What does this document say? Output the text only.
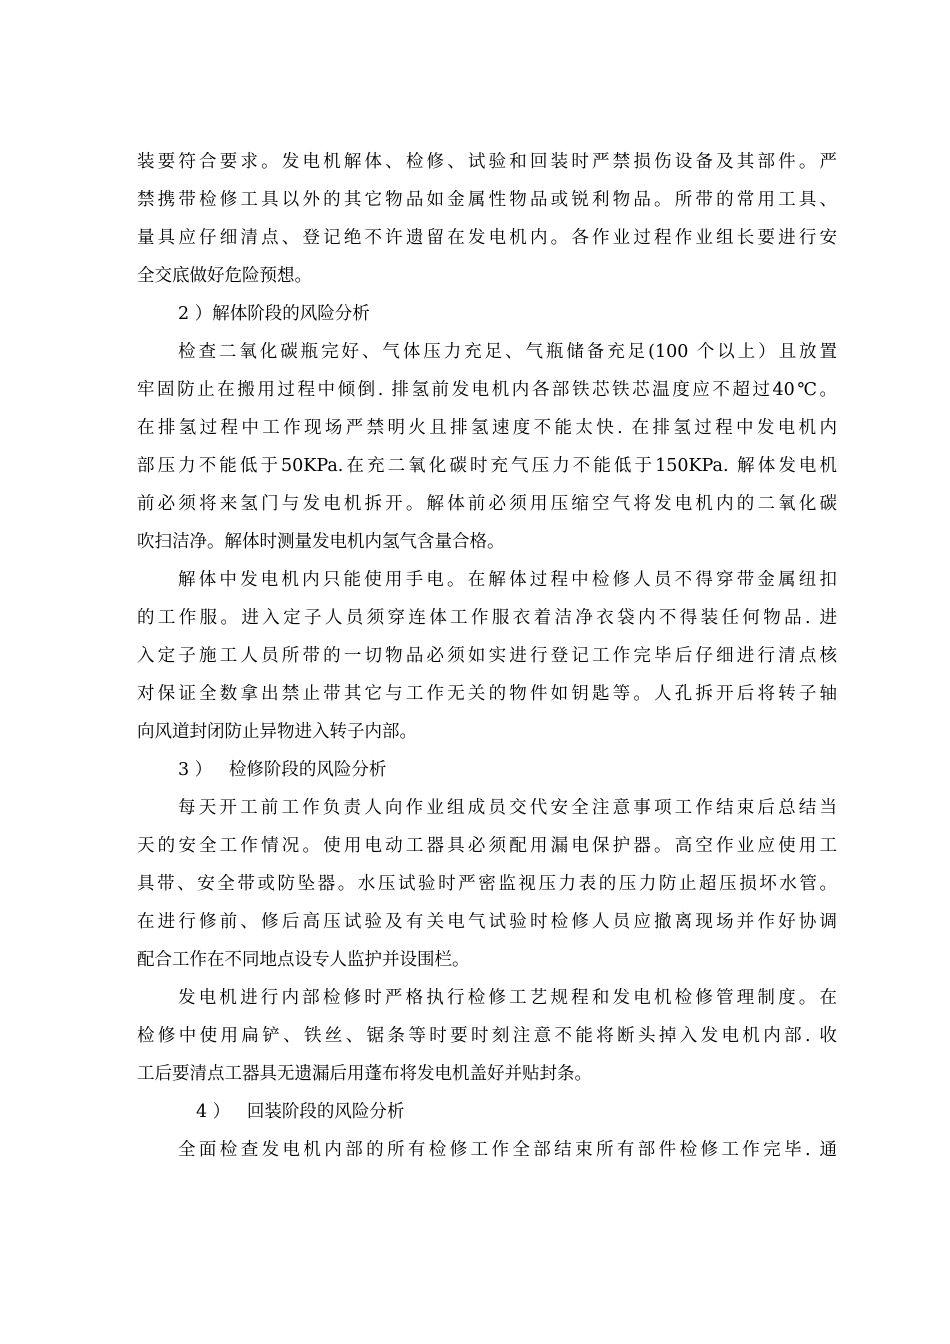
装要符合要求。发电机解体、检修、试验和回装时严禁损伤设备及其部件。严
禁携带检修工具以外的其它物品如金属性物品或锐利物品。所带的常用工具、
量具应仔细清点、登记绝不许遗留在发电机内。各作业过程作业组长要进行安
全交底做好危险预想。
2 ）解体阶段的风险分析
检查二氧化碳瓶完好、气体压力充足、气瓶储备充足(100 个以上）且放置
牢固防止在搬用过程中倾倒. 排氢前发电机内各部铁芯铁芯温度应不超过40℃。
在排氢过程中工作现场严禁明火且排氢速度不能太快. 在排氢过程中发电机内
部压力不能低于50KPa.在充二氧化碳时充气压力不能低于150KPa. 解体发电机
前必须将来氢门与发电机拆开。解体前必须用压缩空气将发电机内的二氧化碳
吹扫洁净。解体时测量发电机内氢气含量合格。
解体中发电机内只能使用手电。在解体过程中检修人员不得穿带金属纽扣
的工作服。进入定子人员须穿连体工作服衣着洁净衣袋内不得装任何物品. 进
入定子施工人员所带的一切物品必须如实进行登记工作完毕后仔细进行清点核
对保证全数拿出禁止带其它与工作无关的物件如钥匙等。人孔拆开后将转子轴
向风道封闭防止异物进入转子内部。
3 ）   检修阶段的风险分析
每天开工前工作负责人向作业组成员交代安全注意事项工作结束后总结当
天的安全工作情况。使用电动工器具必须配用漏电保护器。高空作业应使用工
具带、安全带或防坠器。水压试验时严密监视压力表的压力防止超压损坏水管。
在进行修前、修后高压试验及有关电气试验时检修人员应撤离现场并作好协调
配合工作在不同地点设专人监护并设围栏。
发电机进行内部检修时严格执行检修工艺规程和发电机检修管理制度。在
检修中使用扁铲、铁丝、锯条等时要时刻注意不能将断头掉入发电机内部. 收
工后要清点工器具无遗漏后用蓬布将发电机盖好并贴封条。
4 ）   回装阶段的风险分析
全面检查发电机内部的所有检修工作全部结束所有部件检修工作完毕. 通
